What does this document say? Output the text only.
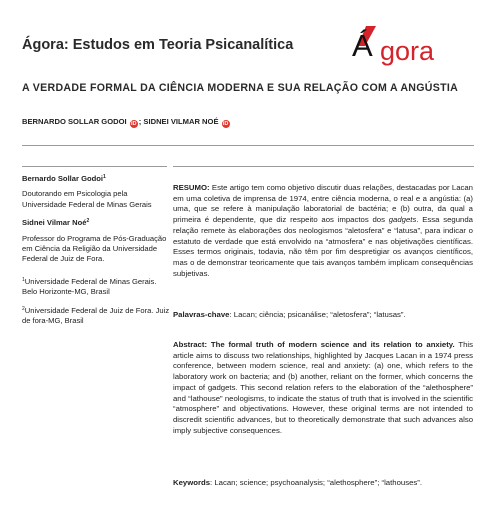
Ágora: Estudos em Teoria Psicanalítica Á gora
A VERDADE FORMAL DA CIÊNCIA MODERNA E SUA RELAÇÃO COM A ANGÚSTIA
BERNARDO SOLLAR GODOI iD ; SIDNEI VILMAR NOÉ iD

Bernardo Sollar Godoi$^1$

Doutorando em Psicologia pela Universidade Federal de Minas Gerais

Sidnei Vilmar Noé$^2$

Professor do Programa de Pós-Graduação em Ciência da Religião da Universidade Federal de Juiz de Fora.

$^1$Universidade Federal de Minas Gerais. Belo Horizonte-MG, Brasil

$^2$Universidade Federal de Juiz de Fora. Juiz de fora-MG, Brasil

RESUMO: Este artigo tem como objetivo discutir duas relações, destacadas por Lacan em uma coletiva de imprensa de 1974, entre ciência moderna, o real e a angústia: (a) uma, que se refere à manipulação laboratorial de bactéria; e (b) outra, da qual a primeira é dependente, que diz respeito aos impactos dos gadgets. Essa segunda relação remete às elaborações dos neologismos “aletosfera” e “latusa”, para indicar o estatuto de verdade que está envolvido na “atmosfera” e nas objetivações científicas. Esses termos originais, todavia, não têm por fim despretigiar os avanços científicos, mas o de demonstrar teoricamente que tais avanços também implicam consequências subjetivas.
Palavras-chave: Lacan; ciência; psicanálise; “aletosfera”; “latusas”.
Abstract: The formal truth of modern science and its relation to anxiety. This article aims to discuss two relationships, highlighted by Jacques Lacan in a 1974 press conference, between modern science, real and anxiety: (a) one, which refers to the laboratory work on bacteria; and (b) another, reliant on the former, which concerns the impact of gadgets. This second relation refers to the elaboration of the “alethosphere” and “lathouse” neologisms, to indicate the status of truth that is involved in the scientific “atmosphere” and objectivations. However, these original terms are not intended to discredit scientific advances, but to theoretically demonstrate that such advances also imply subjective consequences.
Keywords: Lacan; science; psychoanalysis; “alethosphere”; “lathouses”.
